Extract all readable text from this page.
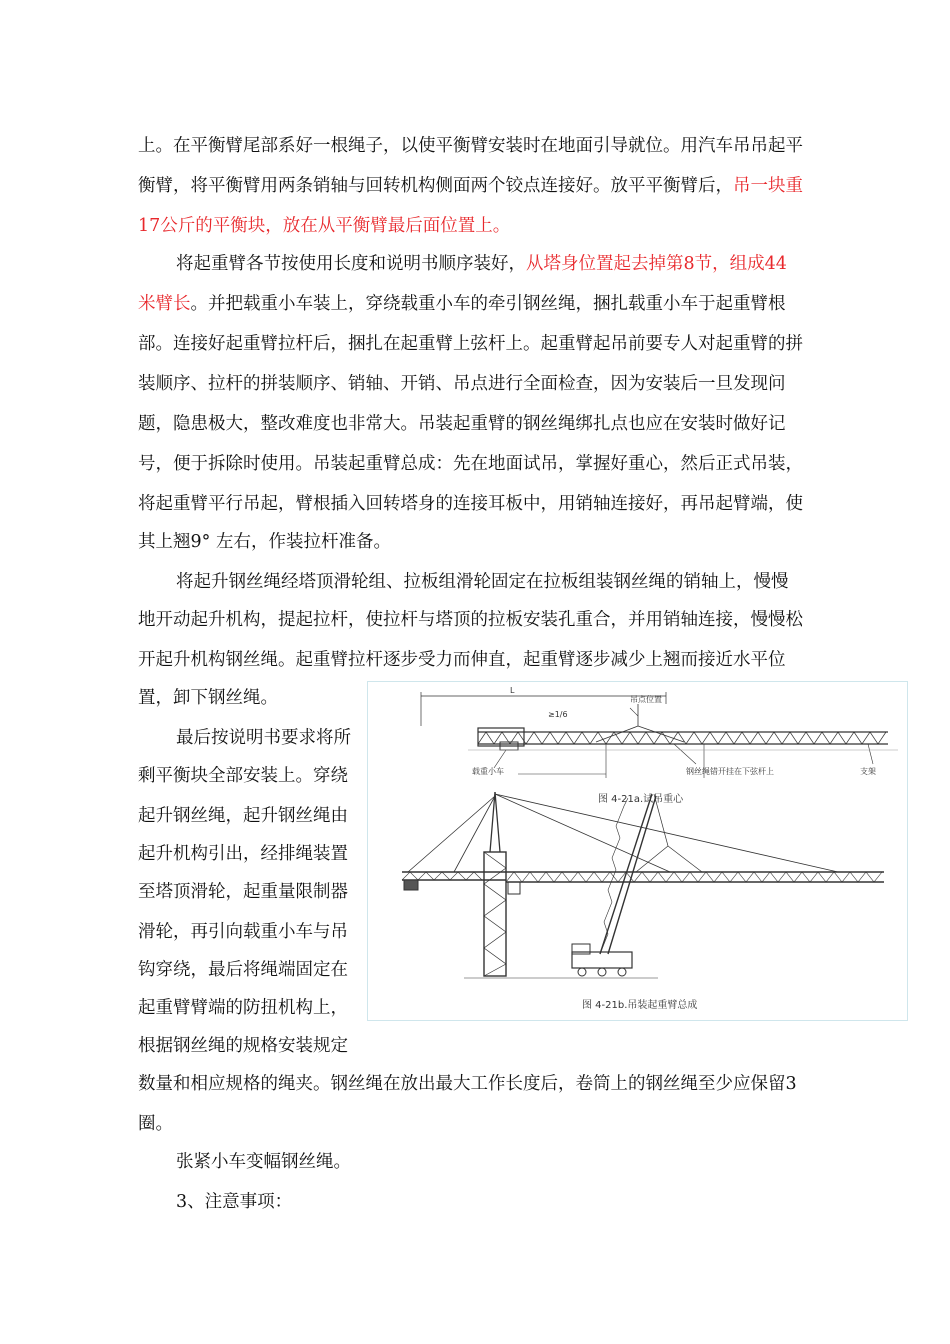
上。在平衡臂尾部系好一根绳子，以使平衡臂安装时在地面引导就位。用汽车吊吊起平

衡臂，将平衡臂用两条销轴与回转机构侧面两个铰点连接好。放平平衡臂后，吊一块重

17公斤的平衡块，放在从平衡臂最后面位置上。

将起重臂各节按使用长度和说明书顺序装好，从塔身位置起去掉第8节，组成44

米臂长。并把载重小车装上，穿绕载重小车的牵引钢丝绳，捆扎载重小车于起重臂根

部。连接好起重臂拉杆后，捆扎在起重臂上弦杆上。起重臂起吊前要专人对起重臂的拼

装顺序、拉杆的拼装顺序、销轴、开销、吊点进行全面检查，因为安装后一旦发现问

题，隐患极大，整改难度也非常大。吊装起重臂的钢丝绳绑扎点也应在安装时做好记

号，便于拆除时使用。吊装起重臂总成：先在地面试吊，掌握好重心，然后正式吊装，

将起重臂平行吊起，臂根插入回转塔身的连接耳板中，用销轴连接好，再吊起臂端，使

其上翘9° 左右，作装拉杆准备。

将起升钢丝绳经塔顶滑轮组、拉板组滑轮固定在拉板组装钢丝绳的销轴上，慢慢

地开动起升机构，提起拉杆，使拉杆与塔顶的拉板安装孔重合，并用销轴连接，慢慢松

开起升机构钢丝绳。起重臂拉杆逐步受力而伸直，起重臂逐步减少上翘而接近水平位

置，卸下钢丝绳。

最后按说明书要求将所

剩平衡块全部安装上。穿绕

起升钢丝绳，起升钢丝绳由

起升机构引出，经排绳装置

至塔顶滑轮，起重量限制器

滑轮，再引向载重小车与吊

钩穿绕，最后将绳端固定在

起重臂臂端的防扭机构上，

根据钢丝绳的规格安装规定

数量和相应规格的绳夹。钢丝绳在放出最大工作长度后，卷筒上的钢丝绳至少应保留3

圈。

张紧小车变幅钢丝绳。

3、注意事项：

L
吊点位置
≥1/6
载重小车	钢丝绳错开挂在下弦杆上	支架
图 4-21a.试吊重心
图 4-21b.吊装起重臂总成
